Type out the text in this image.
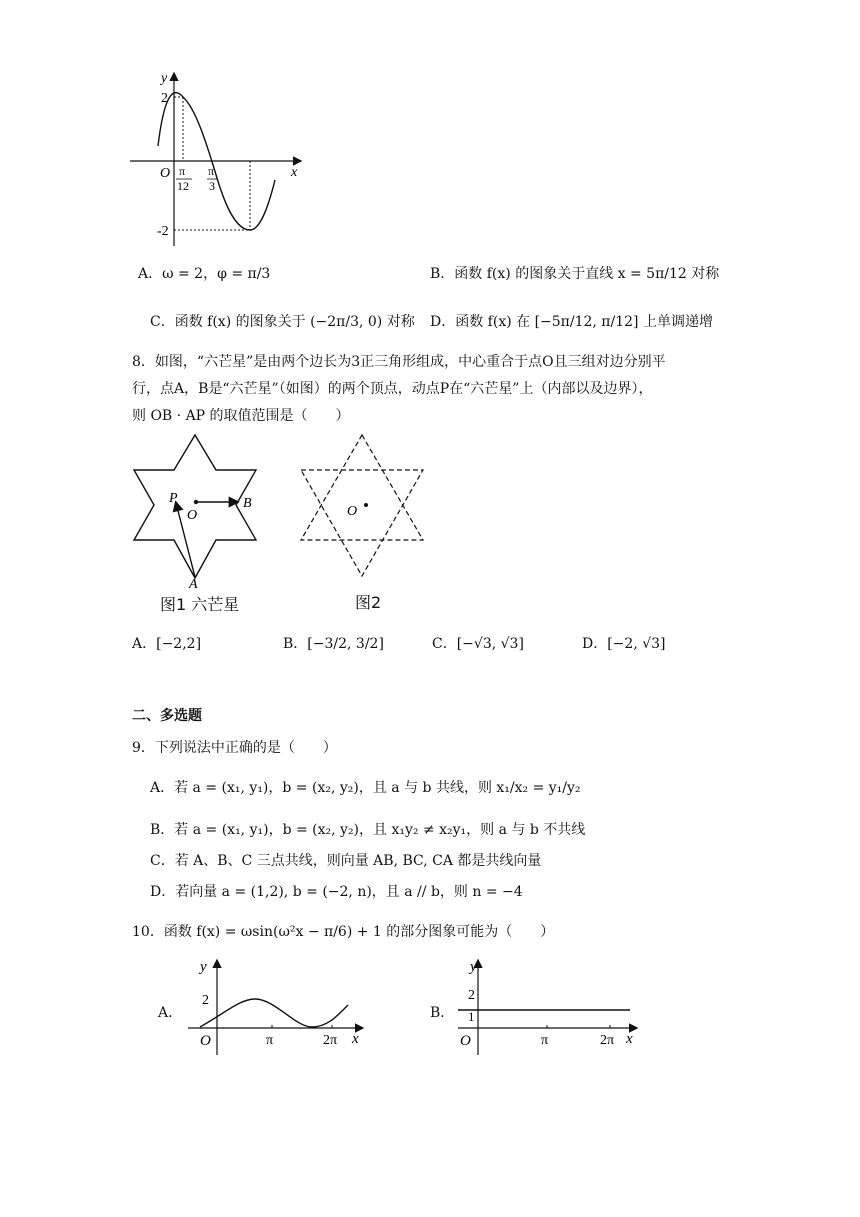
y
x
O
2
-2
π
12
π
3
A．ω = 2，φ = π/3	B．函数 f(x) 的图象关于直线 x = 5π/12 对称
C．函数 f(x) 的图象关于 (−2π/3, 0) 对称 D．函数 f(x) 在 [−5π/12, π/12] 上单调递增
8．如图，“六芒星”是由两个边长为3正三角形组成，中心重合于点O且三组对边分别平
行，点A，B是“六芒星”（如图）的两个顶点，动点P在“六芒星”上（内部以及边界），
则 OB · AP 的取值范围是（　　）
P
O
B
A
图1 六芒星
O
图2
A．[−2,2]	B．[−3/2, 3/2]	C．[−√3, √3]	D．[−2, √3]
二、多选题
9．下列说法中正确的是（　　）
A．若 a = (x₁, y₁)，b = (x₂, y₂)，且 a 与 b 共线，则 x₁/x₂ = y₁/y₂
B．若 a = (x₁, y₁)，b = (x₂, y₂)，且 x₁y₂ ≠ x₂y₁，则 a 与 b 不共线
C．若 A、B、C 三点共线，则向量 AB, BC, CA 都是共线向量
D．若向量 a = (1,2), b = (−2, n)，且 a // b，则 n = −4
10．函数 f(x) = ωsin(ω²x − π/6) + 1 的部分图象可能为（　　）
A．
y
2
O	π	2π x
B．
y
2
1
O	π	2π x
